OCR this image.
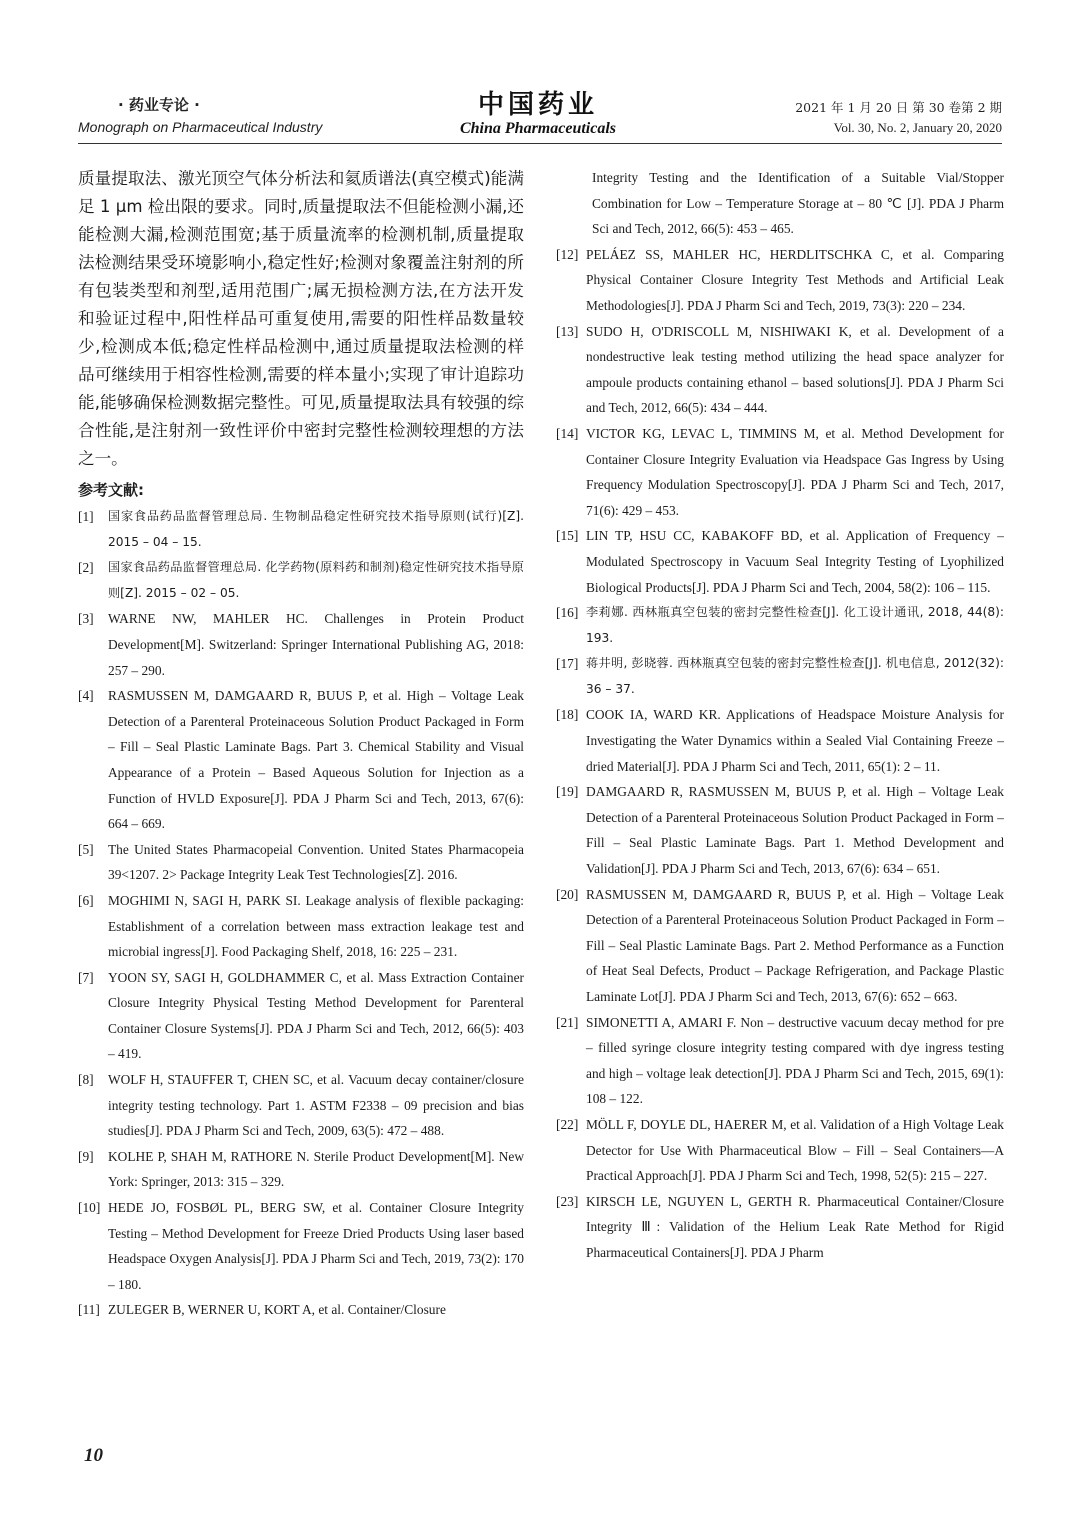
· 药业专论 ·
Monograph on Pharmaceutical Industry
中国药业
China Pharmaceuticals
2021 年 1 月 20 日 第 30 卷第 2 期
Vol. 30, No. 2, January 20, 2020

质量提取法、激光顶空气体分析法和氦质谱法(真空模式)能满足 1 μm 检出限的要求。同时,质量提取法不但能检测小漏,还能检测大漏,检测范围宽;基于质量流率的检测机制,质量提取法检测结果受环境影响小,稳定性好;检测对象覆盖注射剂的所有包装类型和剂型,适用范围广;属无损检测方法,在方法开发和验证过程中,阳性样品可重复使用,需要的阳性样品数量较少,检测成本低;稳定性样品检测中,通过质量提取法检测的样品可继续用于相容性检测,需要的样本量小;实现了审计追踪功能,能够确保检测数据完整性。可见,质量提取法具有较强的综合性能,是注射剂一致性评价中密封完整性检测较理想的方法之一。

参考文献:
[1]	国家食品药品监督管理总局. 生物制品稳定性研究技术指导原则(试行)[Z]. 2015 – 04 – 15.
[2]	国家食品药品监督管理总局. 化学药物(原料药和制剂)稳定性研究技术指导原则[Z]. 2015 – 02 – 05.
[3]	WARNE NW, MAHLER HC. Challenges in Protein Product Development[M]. Switzerland: Springer International Publishing AG, 2018: 257 – 290.
[4]	RASMUSSEN M, DAMGAARD R, BUUS P, et al. High – Voltage Leak Detection of a Parenteral Proteinaceous Solution Product Packaged in Form – Fill – Seal Plastic Laminate Bags. Part 3. Chemical Stability and Visual Appearance of a Protein – Based Aqueous Solution for Injection as a Function of HVLD Exposure[J]. PDA J Pharm Sci and Tech, 2013, 67(6): 664 – 669.
[5]	The United States Pharmacopeial Convention. United States Pharmacopeia 39<1207. 2> Package Integrity Leak Test Technologies[Z]. 2016.
[6]	MOGHIMI N, SAGI H, PARK SI. Leakage analysis of flexible packaging: Establishment of a correlation between mass extraction leakage test and microbial ingress[J]. Food Packaging Shelf, 2018, 16: 225 – 231.
[7]	YOON SY, SAGI H, GOLDHAMMER C, et al. Mass Extraction Container Closure Integrity Physical Testing Method Development for Parenteral Container Closure Systems[J]. PDA J Pharm Sci and Tech, 2012, 66(5): 403 – 419.
[8]	WOLF H, STAUFFER T, CHEN SC, et al. Vacuum decay container/closure integrity testing technology. Part 1. ASTM F2338 – 09 precision and bias studies[J]. PDA J Pharm Sci and Tech, 2009, 63(5): 472 – 488.
[9]	KOLHE P, SHAH M, RATHORE N. Sterile Product Development[M]. New York: Springer, 2013: 315 – 329.
[10] HEDE JO, FOSBØL PL, BERG SW, et al. Container Closure Integrity Testing – Method Development for Freeze Dried Products Using laser based Headspace Oxygen Analysis[J]. PDA J Pharm Sci and Tech, 2019, 73(2): 170 – 180.
[11] ZULEGER B, WERNER U, KORT A, et al. Container/Closure

Integrity Testing and the Identification of a Suitable Vial/Stopper Combination for Low – Temperature Storage at – 80 ℃ [J]. PDA J Pharm Sci and Tech, 2012, 66(5): 453 – 465.

[12] PELÁEZ SS, MAHLER HC, HERDLITSCHKA C, et al. Comparing Physical Container Closure Integrity Test Methods and Artificial Leak Methodologies[J]. PDA J Pharm Sci and Tech, 2019, 73(3): 220 – 234.
[13] SUDO H, O'DRISCOLL M, NISHIWAKI K, et al. Development of a nondestructive leak testing method utilizing the head space analyzer for ampoule products containing ethanol – based solutions[J]. PDA J Pharm Sci and Tech, 2012, 66(5): 434 – 444.
[14] VICTOR KG, LEVAC L, TIMMINS M, et al. Method Development for Container Closure Integrity Evaluation via Headspace Gas Ingress by Using Frequency Modulation Spectroscopy[J]. PDA J Pharm Sci and Tech, 2017, 71(6): 429 – 453.
[15] LIN TP, HSU CC, KABAKOFF BD, et al. Application of Frequency – Modulated Spectroscopy in Vacuum Seal Integrity Testing of Lyophilized Biological Products[J]. PDA J Pharm Sci and Tech, 2004, 58(2): 106 – 115.
[16] 李莉娜. 西林瓶真空包装的密封完整性检查[J]. 化工设计通讯, 2018, 44(8): 193.
[17] 蒋井明, 彭晓蓉. 西林瓶真空包装的密封完整性检查[J]. 机电信息, 2012(32): 36 – 37.
[18] COOK IA, WARD KR. Applications of Headspace Moisture Analysis for Investigating the Water Dynamics within a Sealed Vial Containing Freeze – dried Material[J]. PDA J Pharm Sci and Tech, 2011, 65(1): 2 – 11.
[19] DAMGAARD R, RASMUSSEN M, BUUS P, et al. High – Voltage Leak Detection of a Parenteral Proteinaceous Solution Product Packaged in Form – Fill – Seal Plastic Laminate Bags. Part 1. Method Development and Validation[J]. PDA J Pharm Sci and Tech, 2013, 67(6): 634 – 651.
[20] RASMUSSEN M, DAMGAARD R, BUUS P, et al. High – Voltage Leak Detection of a Parenteral Proteinaceous Solution Product Packaged in Form – Fill – Seal Plastic Laminate Bags. Part 2. Method Performance as a Function of Heat Seal Defects, Product – Package Refrigeration, and Package Plastic Laminate Lot[J]. PDA J Pharm Sci and Tech, 2013, 67(6): 652 – 663.
[21] SIMONETTI A, AMARI F. Non – destructive vacuum decay method for pre – filled syringe closure integrity testing compared with dye ingress testing and high – voltage leak detection[J]. PDA J Pharm Sci and Tech, 2015, 69(1): 108 – 122.
[22] MÖLL F, DOYLE DL, HAERER M, et al. Validation of a High Voltage Leak Detector for Use With Pharmaceutical Blow – Fill – Seal Containers—A Practical Approach[J]. PDA J Pharm Sci and Tech, 1998, 52(5): 215 – 227.
[23] KIRSCH LE, NGUYEN L, GERTH R. Pharmaceutical Container/Closure Integrity Ⅲ: Validation of the Helium Leak Rate Method for Rigid Pharmaceutical Containers[J]. PDA J Pharm
10
